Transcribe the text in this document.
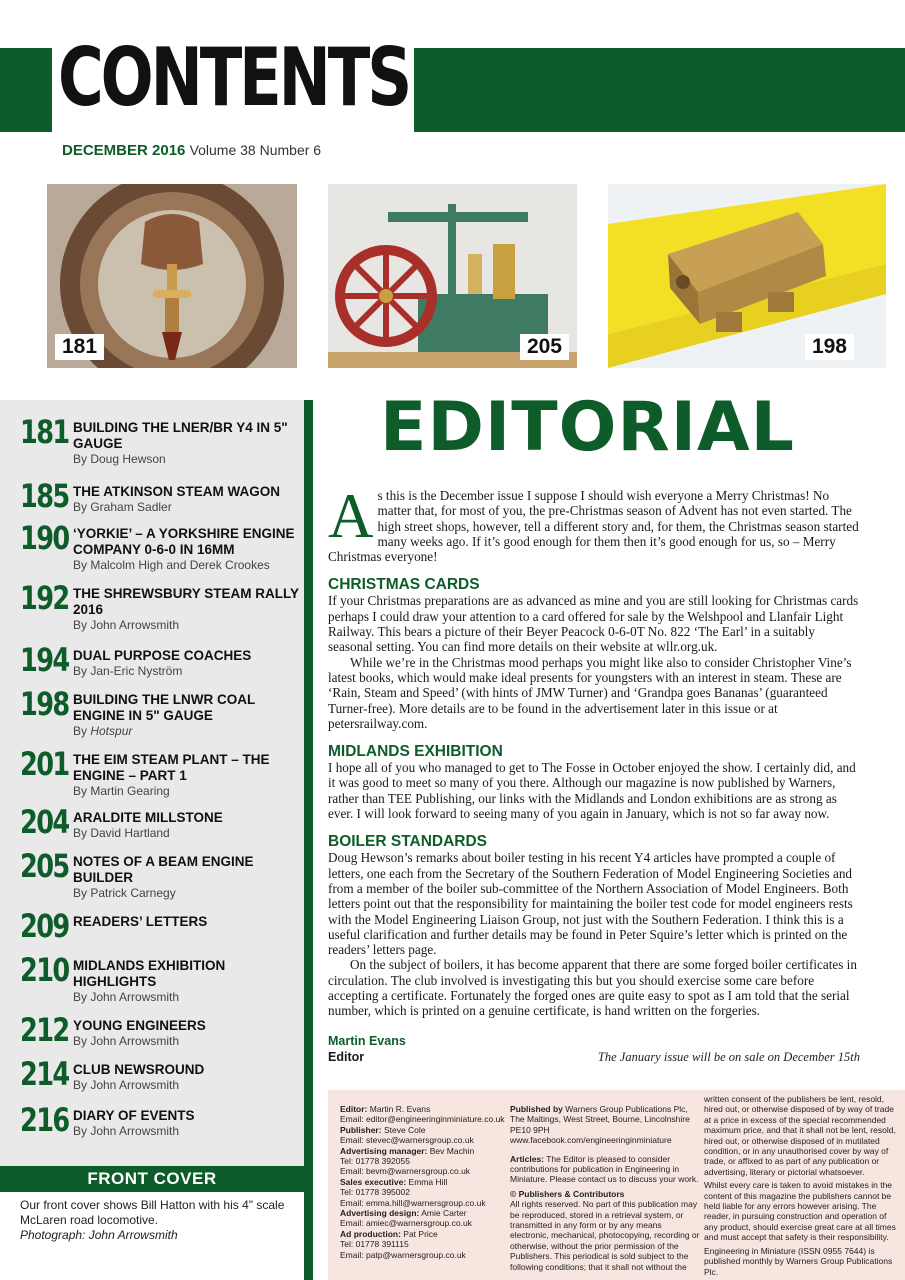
CONTENTS
DECEMBER 2016 Volume 38 Number 6
181	205	198
181 BUILDING THE LNER/BR Y4 IN 5" GAUGE
By Doug Hewson
185 THE ATKINSON STEAM WAGON
By Graham Sadler
190 ‘YORKIE’ – A YORKSHIRE ENGINE COMPANY 0-6-0 IN 16MM
By Malcolm High and Derek Crookes
192 THE SHREWSBURY STEAM RALLY 2016
By John Arrowsmith
194 DUAL PURPOSE COACHES
By Jan-Eric Nyström
198 BUILDING THE LNWR COAL ENGINE IN 5" GAUGE
By Hotspur
201 THE EIM STEAM PLANT – THE ENGINE – PART 1
By Martin Gearing
204 ARALDITE MILLSTONE
By David Hartland
205 NOTES OF A BEAM ENGINE BUILDER
By Patrick Carnegy
209 READERS’ LETTERS
210 MIDLANDS EXHIBITION HIGHLIGHTS
By John Arrowsmith
212 YOUNG ENGINEERS
By John Arrowsmith
214 CLUB NEWSROUND
By John Arrowsmith
216 DIARY OF EVENTS
By John Arrowsmith
FRONT COVER
Our front cover shows Bill Hatton with his 4" scale McLaren road locomotive.
Photograph: John Arrowsmith
EDITORIAL

As this is the December issue I suppose I should wish everyone a Merry Christmas! No matter that, for most of you, the pre-Christmas season of Advent has not even started. The high street shops, however, tell a different story and, for them, the Christmas season started many weeks ago. If it’s good enough for them then it’s good enough for us, so – Merry Christmas everyone!

CHRISTMAS CARDS

If your Christmas preparations are as advanced as mine and you are still looking for Christmas cards perhaps I could draw your attention to a card offered for sale by the Welshpool and Llanfair Light Railway. This bears a picture of their Beyer Peacock 0-6-0T No. 822 ‘The Earl’ in a suitably seasonal setting. You can find more details on their website at wllr.org.uk.

While we’re in the Christmas mood perhaps you might like also to consider Christopher Vine’s latest books, which would make ideal presents for youngsters with an interest in steam. These are ‘Rain, Steam and Speed’ (with hints of JMW Turner) and ‘Grandpa goes Bananas’ (guaranteed Turner-free). More details are to be found in the advertisement later in this issue or at petersrailway.com.

MIDLANDS EXHIBITION

I hope all of you who managed to get to The Fosse in October enjoyed the show. I certainly did, and it was good to meet so many of you there. Although our magazine is now published by Warners, rather than TEE Publishing, our links with the Midlands and London exhibitions are as strong as ever. I will look forward to seeing many of you again in January, which is not so far away now.

BOILER STANDARDS

Doug Hewson’s remarks about boiler testing in his recent Y4 articles have prompted a couple of letters, one each from the Secretary of the Southern Federation of Model Engineering Societies and from a member of the boiler sub-committee of the Northern Association of Model Engineers. Both letters point out that the responsibility for maintaining the boiler test code for model engineers rests with the Model Engineering Liaison Group, not just with the Southern Federation. I think this is a useful clarification and further details may be found in Peter Squire’s letter which is printed on the readers’ letters page.

On the subject of boilers, it has become apparent that there are some forged boiler certificates in circulation. The club involved is investigating this but you should exercise some care before accepting a certificate. Fortunately the forged ones are quite easy to spot as I am told that the serial number, which is printed on a genuine certificate, is hand written on the forgeries.

Martin Evans
Editor	The January issue will be on sale on December 15th
Editor: Martin R. Evans
Email: editor@engineeringinminiature.co.uk
Publisher: Steve Cole
Email: stevec@warnersgroup.co.uk
Advertising manager: Bev Machin
Tel: 01778 392055
Email: bevm@warnersgroup.co.uk
Sales executive: Emma Hill
Tel: 01778 395002
Email: emma.hill@warnersgroup.co.uk
Advertising design: Amie Carter
Email: amiec@warnersgroup.co.uk
Ad production: Pat Price
Tel: 01778 391115
Email: patp@warnersgroup.co.uk
Published by Warners Group Publications Plc, The Maltings, West Street, Bourne, Lincolnshire PE10 9PH
www.facebook.com/engineeringinminiature
Articles: The Editor is pleased to consider contributions for publication in Engineering in Miniature. Please contact us to discuss your work.
© Publishers & Contributors
All rights reserved. No part of this publication may be reproduced, stored in a retrieval system, or transmitted in any form or by any means electronic, mechanical, photocopying, recording or otherwise, without the prior permission of the Publishers. This periodical is sold subject to the following conditions; that it shall not without the
written consent of the publishers be lent, resold, hired out, or otherwise disposed of by way of trade at a price in excess of the special recommended maximum price, and that it shall not be lent, resold, hired out, or otherwise disposed of in mutilated condition, or in any unauthorised cover by way of trade, or affixed to as part of any publication or advertising, literary or pictorial whatsoever.
Whilst every care is taken to avoid mistakes in the content of this magazine the publishers cannot be held liable for any errors however arising. The reader, in pursuing construction and operation of any product, should exercise great care at all times and must accept that safety is their responsibility.
Engineering in Miniature (ISSN 0955 7644) is published monthly by Warners Group Publications Plc.
